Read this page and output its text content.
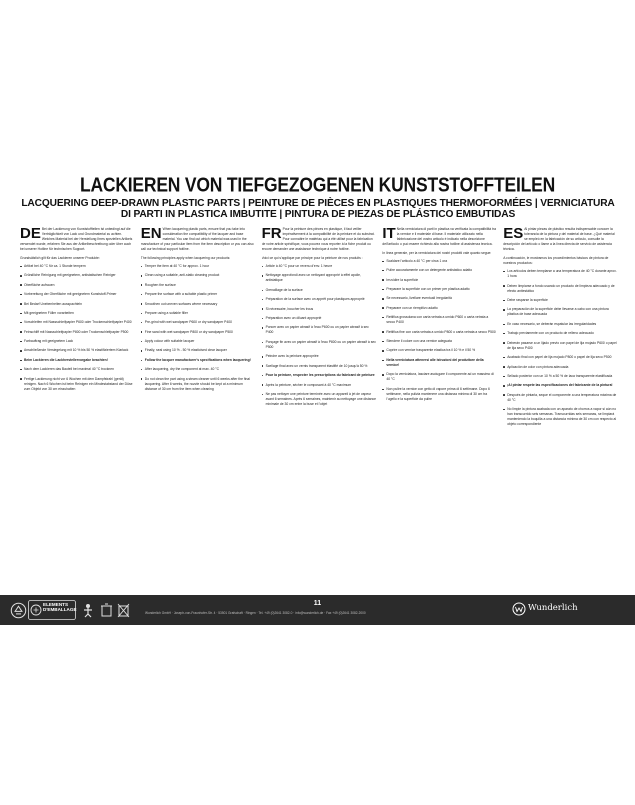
LACKIEREN VON TIEFGEZOGENEN KUNSTSTOFFTEILEN
LACQUERING DEEP-DRAWN PLASTIC PARTS | PEINTURE DE PIÈCES EN PLASTIQUES THERMOFORMÉES | VERNICIATURA DI PARTI IN PLASTICA IMBUTITE | PINTURA DE PIEZAS DE PLÁSTICO EMBUTIDAS

DE Bei der Lackierung von Kunststoffteilen ist unbedingt auf die Verträglichkeit von Lack und Grundmaterial zu achten. Welches Material bei der Herstellung Ihres speziellen Artikels verwendet wurde, erfahren Sie aus der Artikelbeschreibung oder über auch bei unserer Hotline für technischen Support.

Grundsätzlich gilt für das Lackieren unserer Produkte:

Artikel bei 40 °C für ca. 1 Stunde tempern
Gründliche Reinigung mit geeignetem, antistatischen Reiniger
Oberfläche aufrauen
Vorbereitung der Oberfläche mit geeignetem Kunststoff-Primer
Bei Bedarf Unebenheiten ausspachteln
Mit geeignetem Füller vorarbeiten
Vorschleifen mit Nassschleifpapier P600 oder Trockenschleifpapier P400
Feinschliff mit Nassschleifpapier P800 oder Trockenschleifpapier P500
Farbauftrag mit geeignetem Lack
Anschließende Versiegelung mit 10 % bis 50 % elastifiziertem Klarlack
Beim Lackieren die Lackherstellervorgabe beachten!
Nach dem Lackieren das Bauteil bei maximal 40 °C trocknen
Fertige Lackierung nicht vor 6 Wochen mit dem Dampfstrahl (gerät) reinigen. Nach 6 Wochen ist beim Reinigen ein Mindestabstand der Düse zum Objekt von 30 cm einzuhalten

EN When lacquering plastic parts, ensure that you take into consideration the compatibility of the lacquer and base material. You can find out which material was used in the manufacture of your particular item from the item description or you can also call our technical support hotline.

The following principles apply when lacquering our products:

Temper the item at 40 °C for approx. 1 hour
Clean using a suitable, anti-static cleaning product
Roughen the surface
Prepare the surface with a suitable plastic primer
Smoothen out uneven surfaces where necessary
Prepare using a suitable filler
Pre-grind with wet sandpaper P600 or dry sandpaper P400
Fine sand with wet sandpaper P800 or dry sandpaper P500
Apply colour with suitable lacquer
Finally, seal using 10 % - 50 % elasticised clear lacquer
Follow the lacquer manufacturer's specifications when lacquering!
After lacquering, dry the component at max. 40 °C
Do not clean the part using a steam cleaner until 6 weeks after the final lacquering. After 6 weeks, the nozzle should be kept at a minimum distance of 30 cm from the item when cleaning

FR Pour la peinture des pièces en plastique, il faut veiller impérativement à la compatibilité de la peinture et du substrat. Pour connaître le matériau qui a été utilisé pour la fabrication de votre article spécifique, vous pouvez vous reporter à la fiche produit ou encore demander une assistance technique à notre hotline.

Voici ce qui s'applique par principe pour la peinture de nos produits :

Article à 40 °C pour un revenu d'env. 1 heure
Nettoyage approfondi avec un nettoyant approprié à effet apolie, antistatique
Grenaillage de la surface
Préparation de la surface avec un apprêt pour plastiques approprié
Si nécessaire, boucher les trous
Préparation avec un diluant approprié
Poncer avec un papier abrasif à l'eau P600 ou un papier abrasif à sec P400
Ponçage fin avec un papier abrasif à l'eau P800 ou un papier abrasif à sec P500
Peindre avec la peinture appropriée
Scellage final avec un vernis transparent élastifié de 10 jusqu'à 50 %
Pour la peinture, respecter les prescriptions du fabricant de peinture
Après la peinture, sécher le composant à 40 °C maximum
Ne pas nettoyer une peinture terminée avec un appareil à jet de vapeur avant 6 semaines. Après 6 semaines, maintenir au nettoyage une distance minimale de 30 cm entre la buse et l'objet

IT Nella verniciatura di parti in plastica va verificata la compatibilità tra la vernice e il materiale di base. Il materiale utilizzato nella fabbricazione del vostro articolo è indicato nella descrizione dell'articolo o può essere richiesto alla nostra hotline di assistenza tecnica.

In linea generale, per la verniciatura dei nostri prodotti vale quanto segue:

Scaldare l'articolo a 40 °C per circa 1 ora
Pulire accuratamente con un detergente antistatico adatto
Irruvidire la superficie
Preparare la superficie con un primer per plastica adatto
Se necessario, livellare eventuali irregolarità
Preparare con un riempitivo adatto
Rettifica grossolana con carta vetrata a umido P600 o carta vetrata a secco P400
Rettifica fine con carta vetrata a umido P800 o carta vetrata a secco P500
Stendere il colore con una vernice adeguata
Coprire con vernice trasparente elastica tra il 10 % e il 50 %
Nella verniciatura attenersi alle istruzioni del produttore della vernice!
Dopo la verniciatura, lasciare asciugare il componente ad un massimo di 40 °C
Non pulire la vernice con getto di vapore prima di 6 settimane. Dopo 6 settimane, nella pulizia mantenere una distanza minima di 30 cm tra l'ugello e la superficie da pulire

ES Al pintar piezas de plástico resulta indispensable conocer la tolerancia de la pintura y del material de base. ¿Qué material se empleó en la fabricación de su artículo, consulte la descripción del artículo o llame a la línea directa de servicio de asistencia técnica.

A continuación, le mostramos los procedimientos básicos de pintura de nuestros productos:

Los artículos deben templarse a una temperatura de 40 °C durante aprox. 1 hora
Deben limpiarse a fondo usando un producto de limpieza adecuado y de efecto antiestático
Debe rasparse la superficie
La preparación de la superficie debe llevarse a cabo con una pintura plástica de base adecuada
En caso necesario, se deberán espatular las irregularidades
Trabajo previamente con un producto de relleno adecuado
Deberán pasarse a un lijado previo con papel de lija mojado P600 o papel de lija seco P400
Acabado final con papel de lija mojado P800 o papel de lija seco P500
Aplicación de color con pintura adecuada
Sellado posterior con un 10 % a 50 % de laca transparente elastificada
¡Al pintar respete las especificaciones del fabricante de la pintura!
Después de pintarla, seque el componente a una temperatura máxima de 40 °C
No limpie la pintura acabada con un aparato de chorros a vapor si aún no han transcurrido seis semanas. Transcurridas seis semanas, se limpiará manteniendo la boquilla a una distancia mínima de 30 cm con respecto al objeto correspondiente
ELEMENTS D'EMBALLAGE
11
Wunderlich GmbH · Joseph-von-Fraunhofer-Str. 4 · 53501 Grafschaft · Ringen · Tel. +49 (0)2641 3082-0 · info@wunderlich.de · Fax +49 (0)2641 3082-2000	Wunderlich
